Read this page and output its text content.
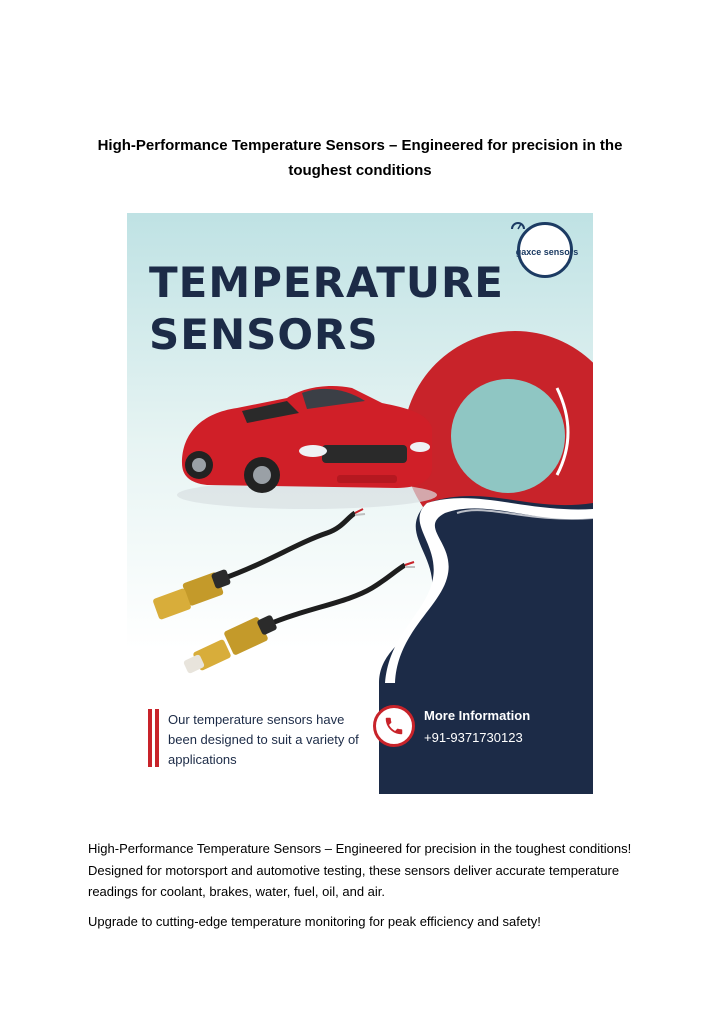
High-Performance Temperature Sensors – Engineered for precision in the toughest conditions
TEMPERATURE
SENSORS
gaxce sensors
Our temperature sensors have been designed to suit a variety of applications
More Information
+91-9371730123

High-Performance Temperature Sensors – Engineered for precision in the toughest conditions! Designed for motorsport and automotive testing, these sensors deliver accurate temperature readings for coolant, brakes, water, fuel, oil, and air.

Upgrade to cutting-edge temperature monitoring for peak efficiency and safety!
